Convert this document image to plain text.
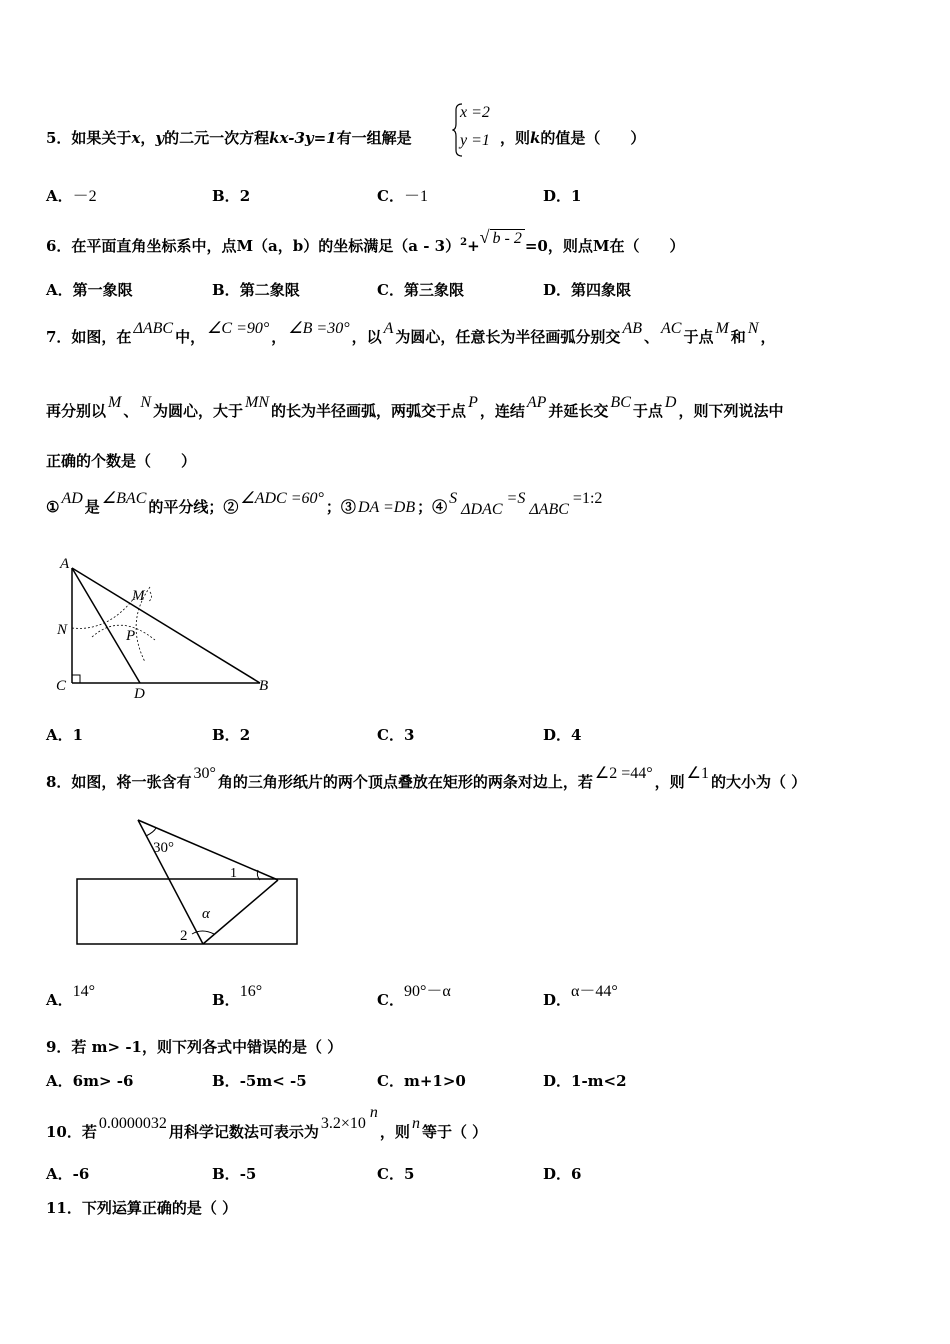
5．如果关于x，y的二元一次方程kx-3y=1有一组解是
x =2
y =1 ，则k的值是（　　）
A．－2	B．2	C．－1	D．1
6．在平面直角坐标系中，点M（a，b）的坐标满足（a - 3）$^2$+√ b - 2 =0，则点M在（　　）
A．第一象限	B．第二象限	C．第三象限	D．第四象限
7．如图，在 ΔABC 中， ∠C =90° ， ∠B =30° ，以 A 为圆心，任意长为半径画弧分别交 AB 、 AC 于点 M 和 N ，
再分别以 M 、 N 为圆心，大于 MN 的长为半径画弧，两弧交于点 P ，连结 AP 并延长交 BC 于点 D ，则下列说法中
正确的个数是（　　）
① AD 是 ∠BAC 的平分线；② ∠ADC =60° ；③ DA =DB ；④ $S_{\Delta DAC}=S_{\Delta ABC}=1:2$
A
M
N	P
C	D	B
A．1	B．2	C．3	D．4
8．如图，将一张含有 30° 角的三角形纸片的两个顶点叠放在矩形的两条对边上，若 ∠2 =44° ，则 ∠1 的大小为（ ）
30°
1
α
2
A．14°	B．16°	C．90°－α	D．α－44°
9．若 m> -1，则下列各式中错误的是（ ）
A．6m> -6	B．-5m< -5	C．m+1>0	D．1-m<2
10．若 0.0000032 用科学记数法可表示为 $3.2\times 10^n$，则 n 等于（ ）
A．-6	B．-5	C．5	D．6
11．下列运算正确的是（ ）
